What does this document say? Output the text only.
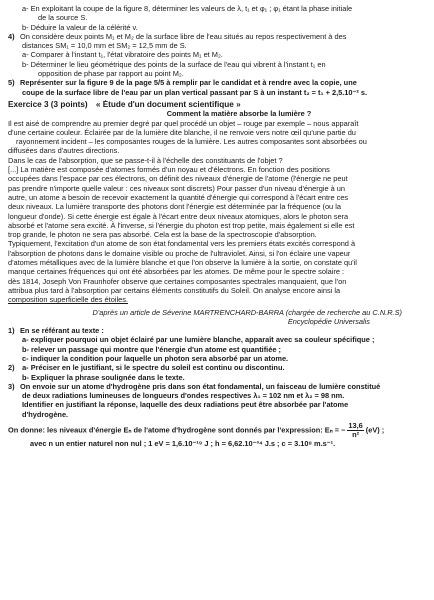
a- En exploitant la coupe de la figure 8, déterminer les valeurs de λ, t₁ et φ₁ ; φ₁ étant la phase initiale
de la source S.
b- Déduire la valeur de la célérité v.
4) On considère deux points M₁ et M₂ de la surface libre de l'eau situés au repos respectivement à des
distances SM₁ = 10,0 mm et SM₂ = 12,5 mm de S.
a- Comparer à l'instant t₁, l'état vibratoire des points M₁ et M₂.
b- Déterminer le lieu géométrique des points de la surface de l'eau qui vibrent à l'instant t₁ en
opposition de phase par rapport au point M₂.
5) Représenter sur la figure 9 de la page 5/5 à remplir par le candidat et à rendre avec la copie, une
coupe de la surface libre de l'eau par un plan vertical passant par S à un instant t₂ = t₁ + 2,5.10⁻² s.
Exercice 3 (3 points) « Étude d'un document scientifique »
Comment la matière absorbe la lumière ?
Il est aisé de comprendre au premier degré par quel procédé un objet – rouge par exemple – nous apparaît
d'une certaine couleur. Éclairée par de la lumière dite blanche, il ne renvoie vers notre œil qu'une partie du
rayonnement incident – les composantes rouges de la lumière. Les autres composantes sont absorbées ou
diffusées dans d'autres directions.
Dans le cas de l'absorption, que se passe-t-il à l'échelle des constituants de l'objet ?
[...] La matière est composée d'atomes formés d'un noyau et d'électrons. En fonction des positions
occupées dans l'espace par ces électrons, on définit des niveaux d'énergie de l'atome (l'énergie ne peut
pas prendre n'importe quelle valeur : ces niveaux sont discrets) Pour passer d'un niveau d'énergie à un
autre, un atome a besoin de recevoir exactement la quantité d'énergie qui correspond à l'écart entre ces
deux niveaux. La lumière transporte des photons dont l'énergie est déterminée par la fréquence (ou la
longueur d'onde). Si cette énergie est égale à l'écart entre deux niveaux atomiques, alors le photon sera
absorbé et l'atome sera excité. À l'inverse, si l'énergie du photon est trop petite, mais également si elle est
trop grande, le photon ne sera pas absorbé. Cela est la base de la spectroscopie d'absorption.
Typiquement, l'excitation d'un atome de son état fondamental vers les premiers états excités correspond à
l'absorption de photons dans le domaine visible ou proche de l'ultraviolet. Ainsi, si l'on éclaire une vapeur
d'atomes métalliques avec de la lumière blanche et que l'on observe la lumière à la sortie, on constate qu'il
manque certaines fréquences qui ont été absorbées par les atomes. De même pour le spectre solaire :
dès 1814, Joseph Von Fraunhofer observe que certaines composantes spectrales manquaient, que l'on
attribua plus tard à l'absorption par certains éléments constitutifs du Soleil. On analyse encore ainsi la
composition superficielle des étoiles.
D'après un article de Séverine MARTRENCHARD-BARRA (chargée de recherche au C.N.R.S)
Encyclopédie Universalis
1) En se référant au texte :
a- expliquer pourquoi un objet éclairé par une lumière blanche, apparaît avec sa couleur spécifique ;
b- relever un passage qui montre que l'énergie d'un atome est quantifiée ;
c- indiquer la condition pour laquelle un photon sera absorbé par un atome.
2) a- Préciser en le justifiant, si le spectre du soleil est continu ou discontinu.
b- Expliquer la phrase soulignée dans le texte.
3) On envoie sur un atome d'hydrogène pris dans son état fondamental, un faisceau de lumière constitué
de deux radiations lumineuses de longueurs d'ondes respectives λ₁ = 102 nm et λ₂ = 98 nm.
Identifier en justifiant la réponse, laquelle des deux radiations peut être absorbée par l'atome
d'hydrogène.
On donne: les niveaux d'énergie Eₙ de l'atome d'hydrogène sont donnés par l'expression: Eₙ = − $\frac{13,6}{\text{n²}} (eV)$ ;
avec n un entier naturel non nul ; 1 eV = 1,6.10⁻¹⁹ J ; h = 6,62.10⁻³⁴ J.s ; c = 3.10⁸ m.s⁻¹.
